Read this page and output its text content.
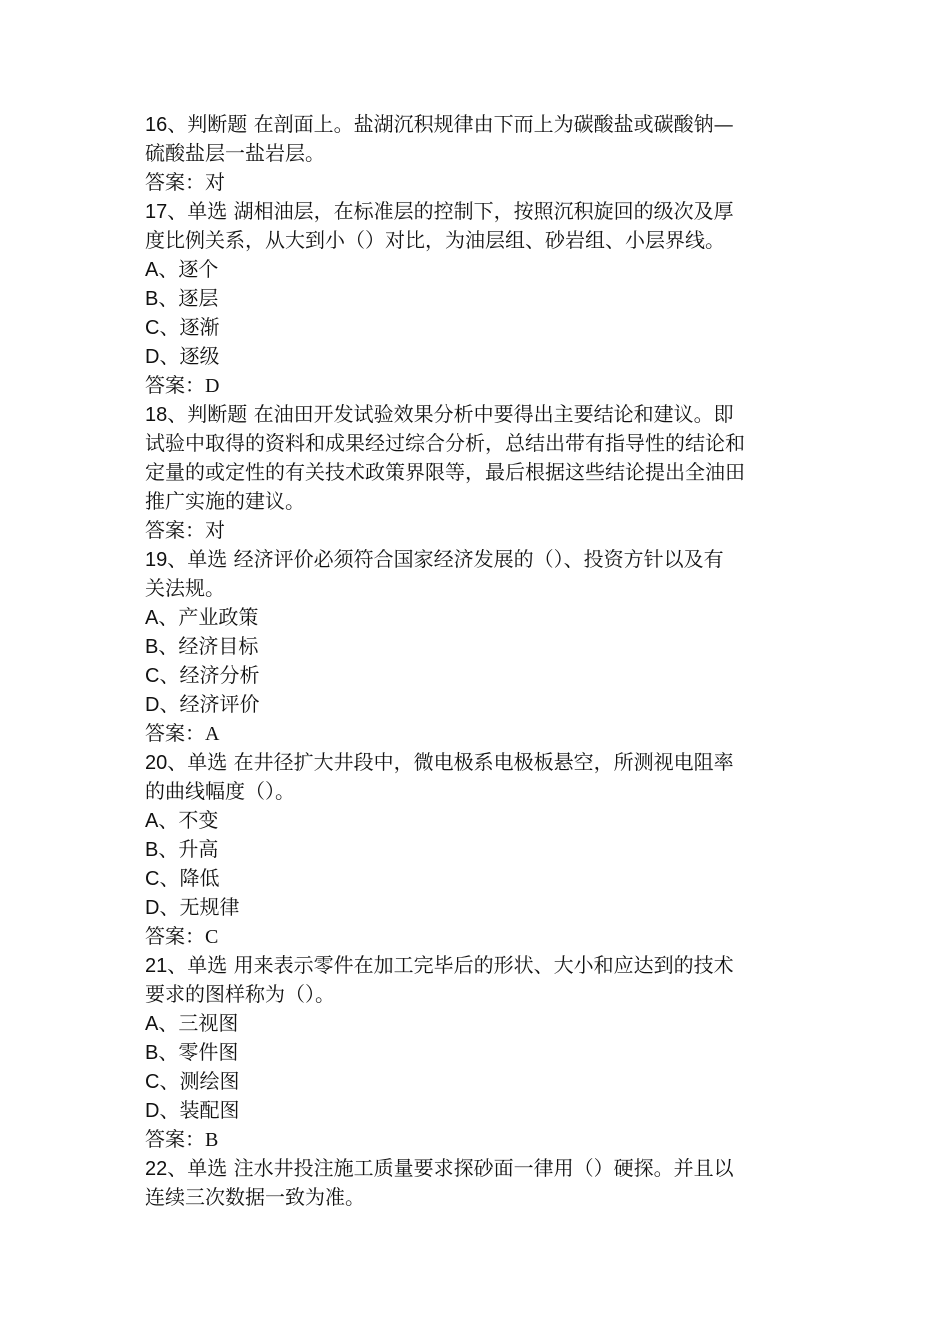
16、判断题 在剖面上。盐湖沉积规律由下而上为碳酸盐或碳酸钠—
硫酸盐层一盐岩层。
答案：对
17、单选 湖相油层，在标准层的控制下，按照沉积旋回的级次及厚
度比例关系，从大到小（）对比，为油层组、砂岩组、小层界线。
A、逐个
B、逐层
C、逐渐
D、逐级
答案：D
18、判断题 在油田开发试验效果分析中要得出主要结论和建议。即
试验中取得的资料和成果经过综合分析，总结出带有指导性的结论和
定量的或定性的有关技术政策界限等，最后根据这些结论提出全油田
推广实施的建议。
答案：对
19、单选 经济评价必须符合国家经济发展的（）、投资方针以及有
关法规。
A、产业政策
B、经济目标
C、经济分析
D、经济评价
答案：A
20、单选 在井径扩大井段中，微电极系电极板悬空，所测视电阻率
的曲线幅度（）。
A、不变
B、升高
C、降低
D、无规律
答案：C
21、单选 用来表示零件在加工完毕后的形状、大小和应达到的技术
要求的图样称为（）。
A、三视图
B、零件图
C、测绘图
D、装配图
答案：B
22、单选 注水井投注施工质量要求探砂面一律用（）硬探。并且以
连续三次数据一致为准。
